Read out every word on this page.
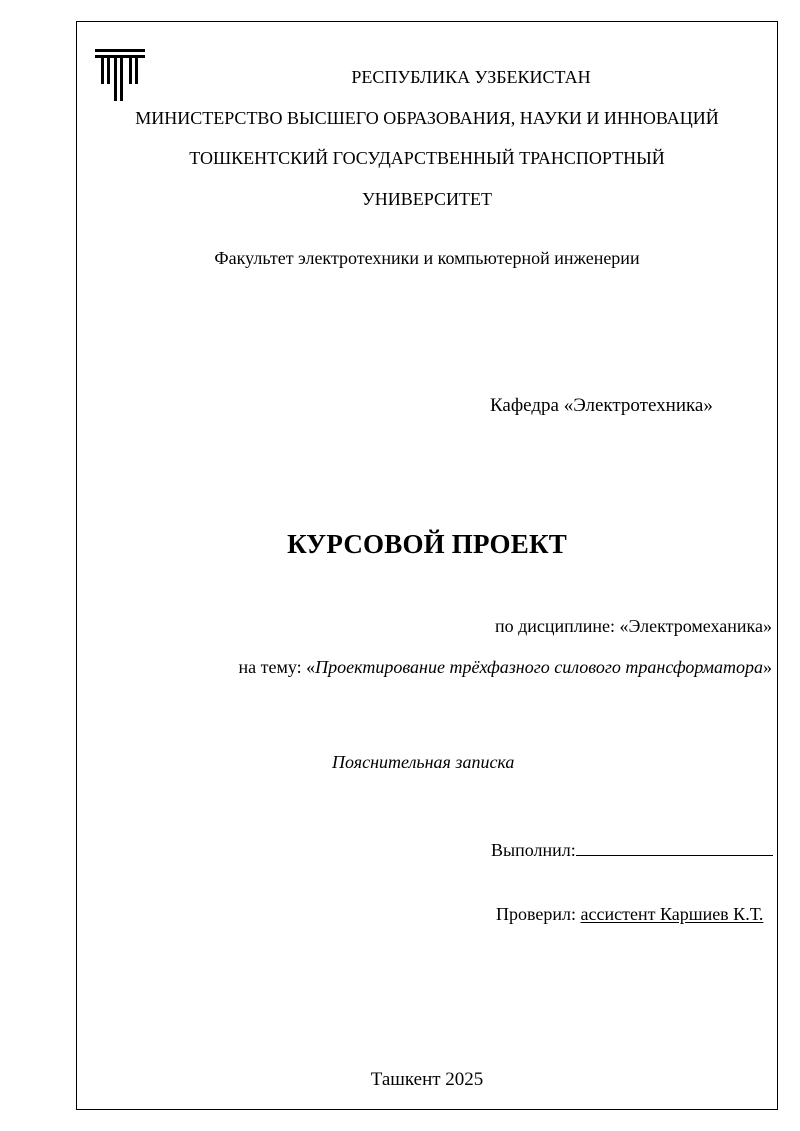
РЕСПУБЛИКА УЗБЕКИСТАН
МИНИСТЕРСТВО ВЫСШЕГО ОБРАЗОВАНИЯ, НАУКИ И ИННОВАЦИЙ
ТОШКЕНТСКИЙ ГОСУДАРСТВЕННЫЙ ТРАНСПОРТНЫЙ
УНИВЕРСИТЕТ
Факультет электротехники и компьютерной инженерии
Кафедра «Электротехника»
КУРСОВОЙ ПРОЕКТ
по дисциплине: «Электромеханика»
на тему: «Проектирование трёхфазного силового трансформатора»
Пояснительная записка
Выполнил:
Проверил: ассистент Каршиев К.Т.
Ташкент 2025
